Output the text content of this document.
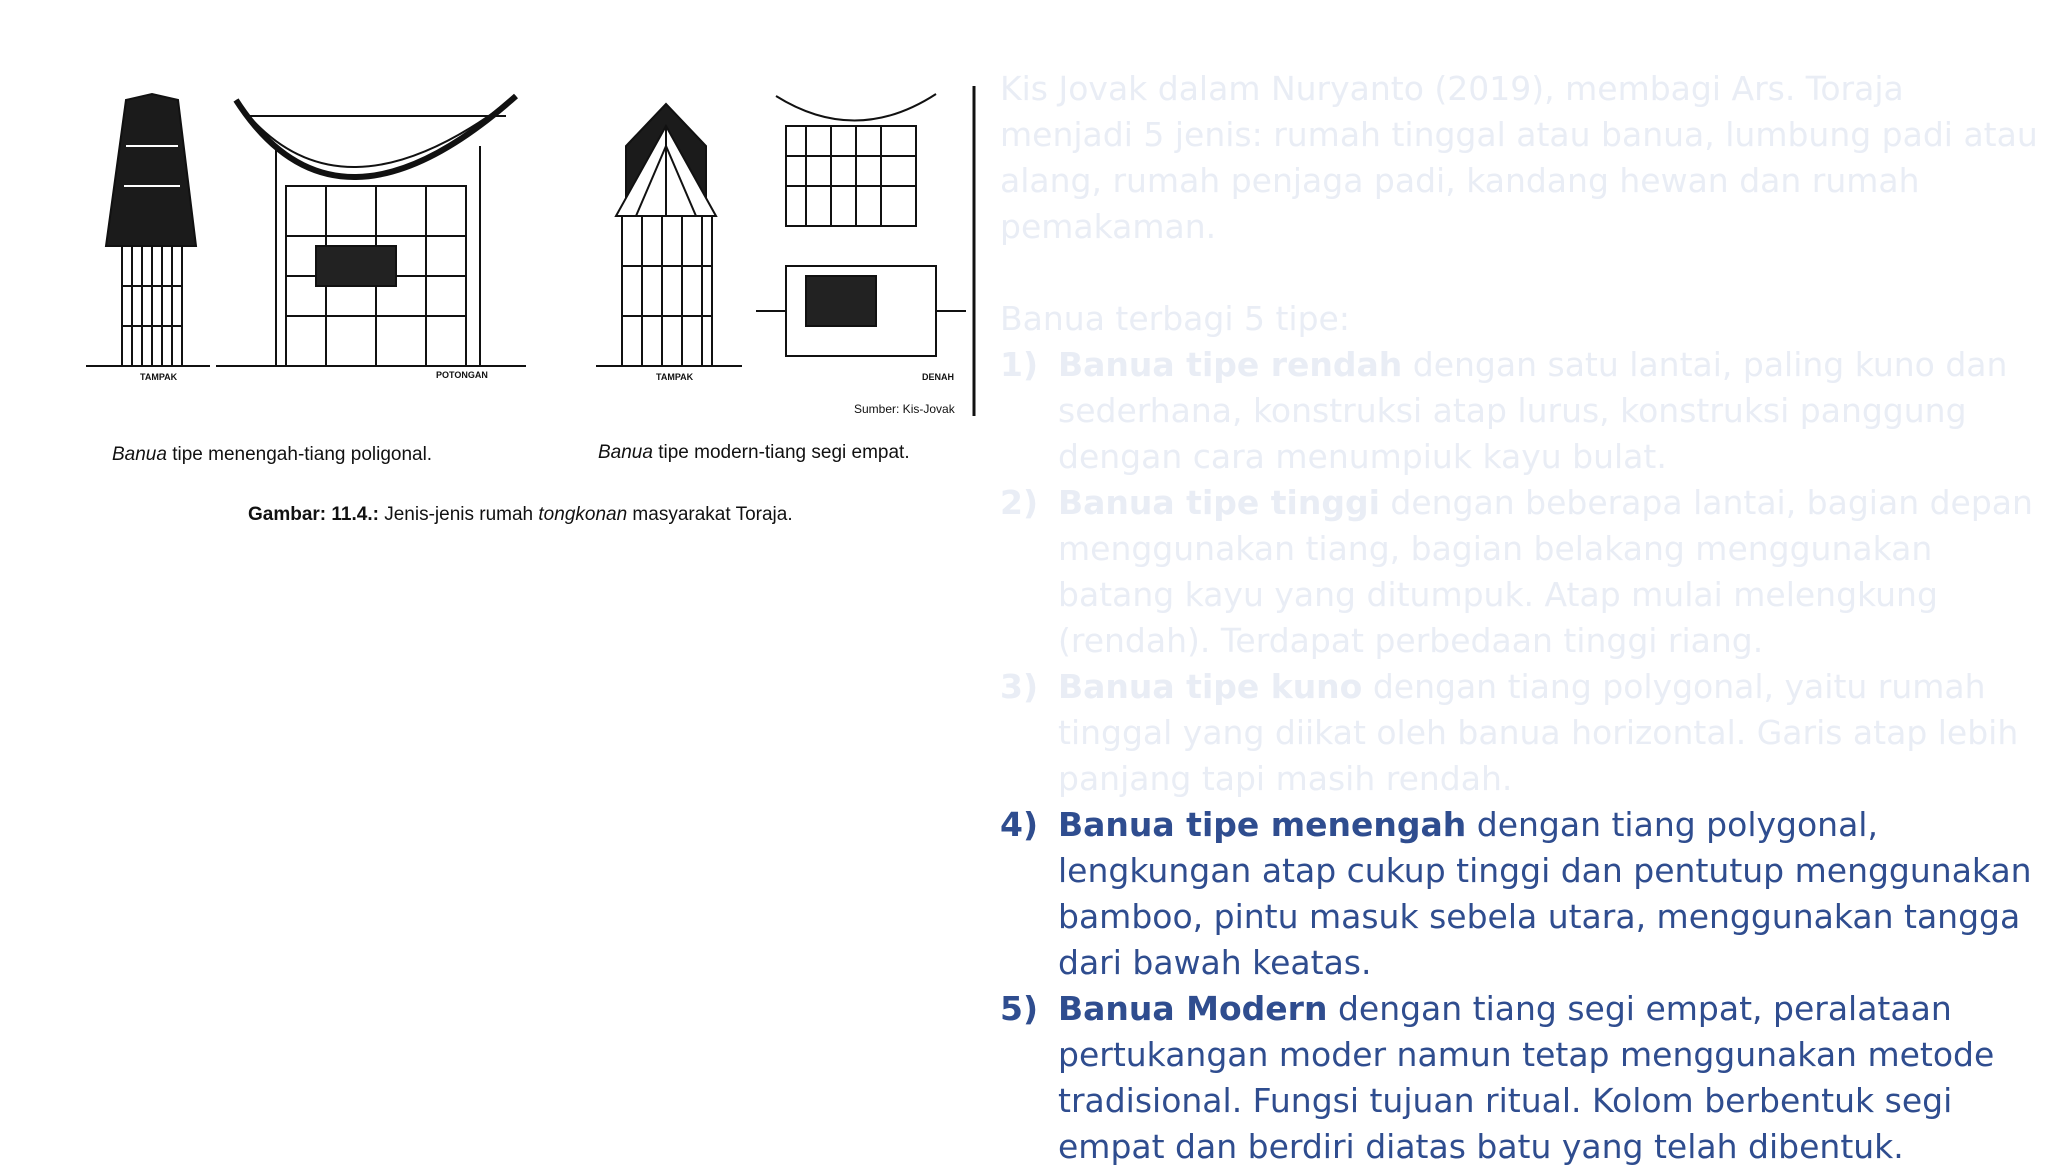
TAMPAK	POTONGAN	TAMPAK	DENAH
Sumber: Kis-Jovak
Banua tipe menengah-tiang poligonal.	Banua tipe modern-tiang segi empat.
Gambar: 11.4.: Jenis-jenis rumah tongkonan masyarakat Toraja.

Kis Jovak dalam Nuryanto (2019), membagi Ars. Toraja menjadi 5 jenis: rumah tinggal atau banua, lumbung padi atau alang, rumah penjaga padi, kandang hewan dan rumah pemakaman.

Banua terbagi 5 tipe:

1) Banua tipe rendah dengan satu lantai, paling kuno dan sederhana, konstruksi atap lurus, konstruksi panggung dengan cara menumpiuk kayu bulat.
2) Banua tipe tinggi dengan beberapa lantai, bagian depan menggunakan tiang, bagian belakang menggunakan batang kayu yang ditumpuk. Atap mulai melengkung (rendah). Terdapat perbedaan tinggi riang.
3) Banua tipe kuno dengan tiang polygonal, yaitu rumah tinggal yang diikat oleh banua horizontal. Garis atap lebih panjang tapi masih rendah.
4) Banua tipe menengah dengan tiang polygonal, lengkungan atap cukup tinggi dan pentutup menggunakan bamboo, pintu masuk sebela utara, menggunakan tangga dari bawah keatas.
5) Banua Modern dengan tiang segi empat, peralataan pertukangan moder namun tetap menggunakan metode tradisional. Fungsi tujuan ritual. Kolom berbentuk segi empat dan berdiri diatas batu yang telah dibentuk.
